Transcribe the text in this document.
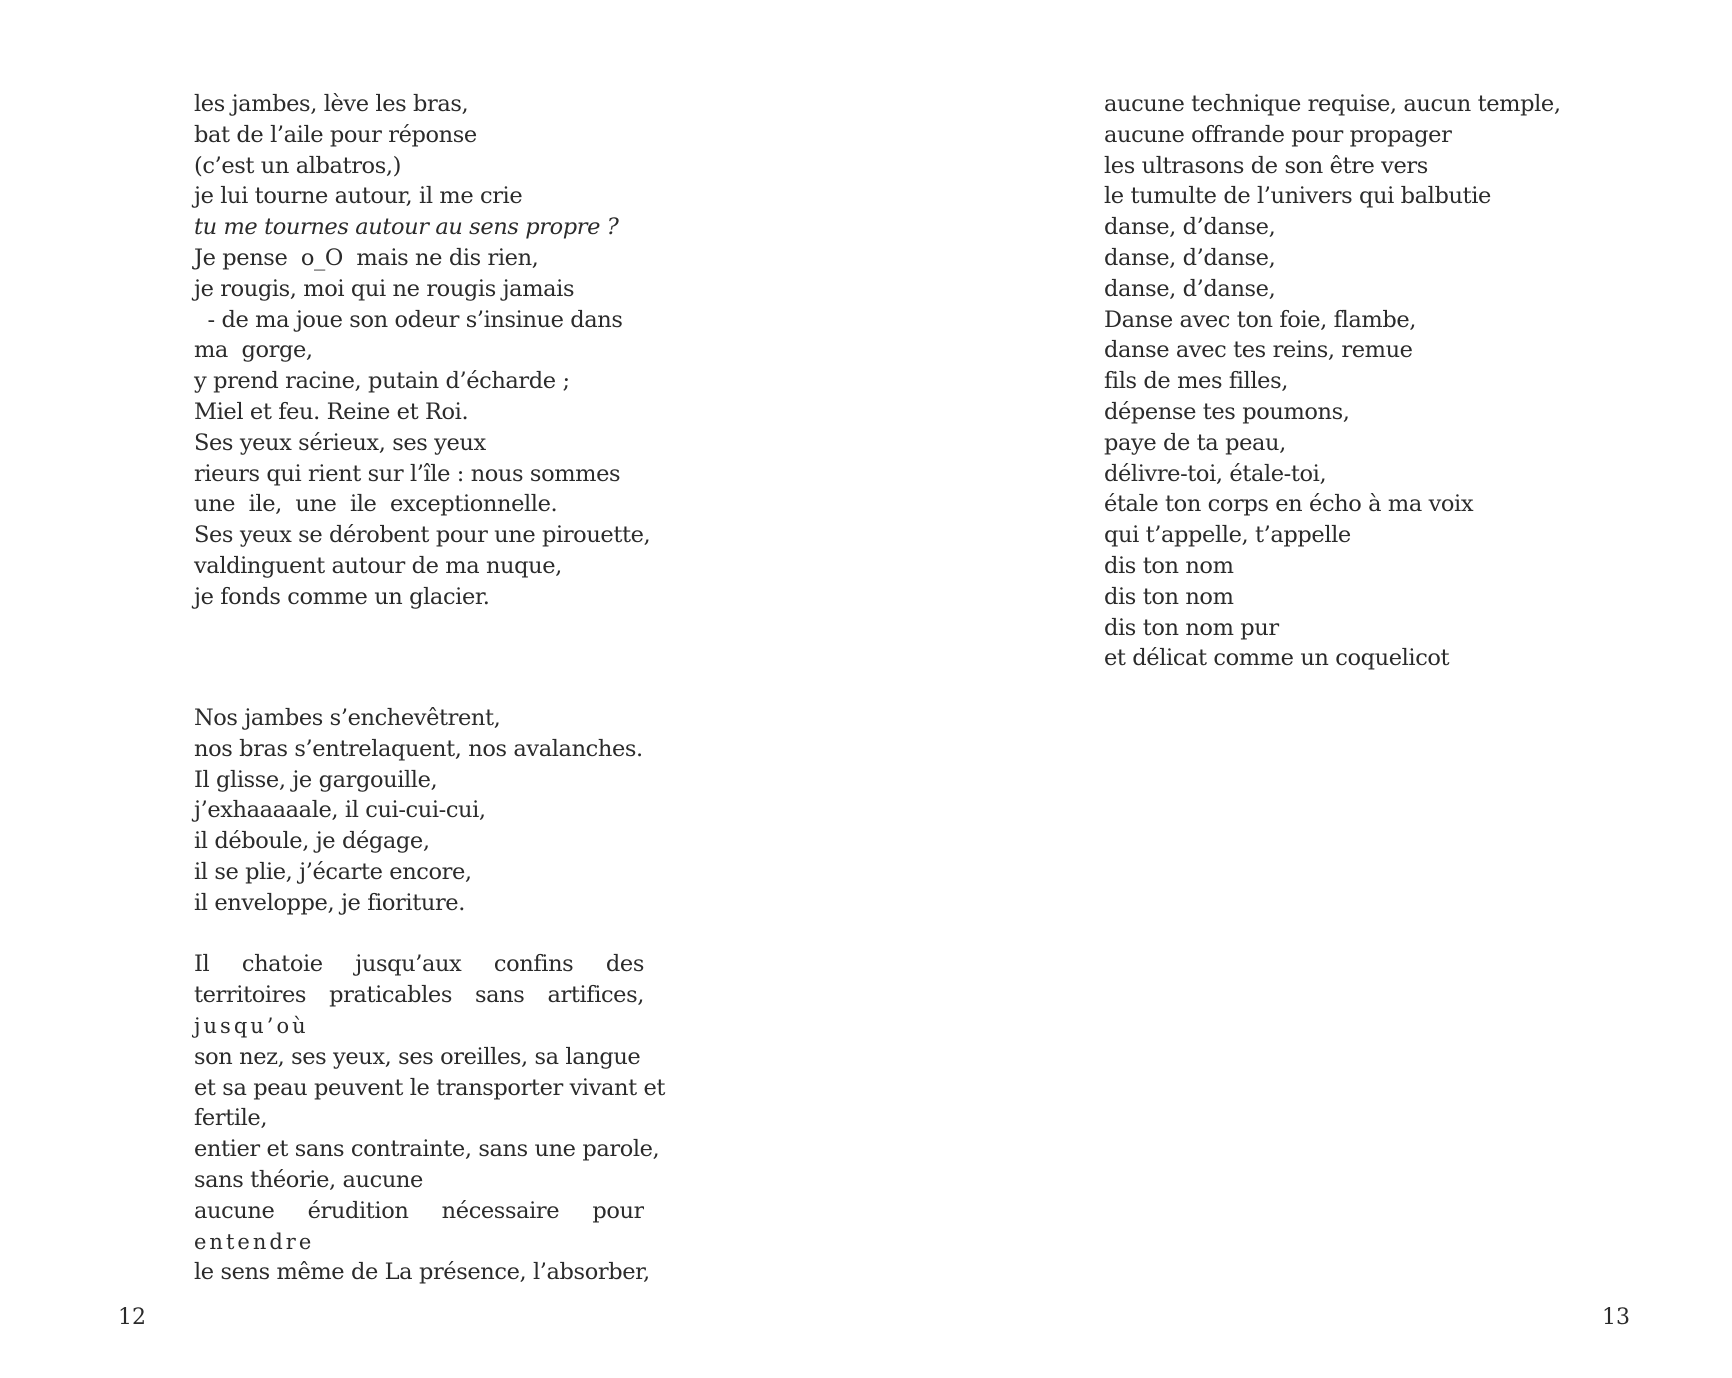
les jambes, lève les bras,
bat de l’aile pour réponse
(c’est un albatros,)
je lui tourne autour, il me crie
tu me tournes autour au sens propre ?
Je pense  o_O  mais ne dis rien,
je rougis, moi qui ne rougis jamais
- de ma joue son odeur s’insinue dans
ma  gorge,
y prend racine, putain d’écharde ;
Miel et feu. Reine et Roi.
Ses yeux sérieux, ses yeux
rieurs qui rient sur l’île : nous sommes
une  ile,  une  ile  exceptionnelle.
Ses yeux se dérobent pour une pirouette,
valdinguent autour de ma nuque,
je fonds comme un glacier.
Nos jambes s’enchevêtrent,
nos bras s’entrelaquent, nos avalanches.
Il glisse, je gargouille,
j’exhaaaaale, il cui-cui-cui,
il déboule, je dégage,
il se plie, j’écarte encore,
il enveloppe, je fioriture.
Il chatoie jusqu’aux confins des
territoires praticables sans artifices,
jusqu’où
son nez, ses yeux, ses oreilles, sa langue
et sa peau peuvent le transporter vivant et
fertile,
entier et sans contrainte, sans une parole,
sans théorie, aucune
aucune érudition nécessaire pour
entendre
le sens même de La présence, l’absorber,
12	13
aucune technique requise, aucun temple,
aucune offrande pour propager
les ultrasons de son être vers
le tumulte de l’univers qui balbutie
danse, d’danse,
danse, d’danse,
danse, d’danse,
Danse avec ton foie, flambe,
danse avec tes reins, remue
fils de mes filles,
dépense tes poumons,
paye de ta peau,
délivre-toi, étale-toi,
étale ton corps en écho à ma voix
qui t’appelle, t’appelle
dis ton nom
dis ton nom
dis ton nom pur
et délicat comme un coquelicot
